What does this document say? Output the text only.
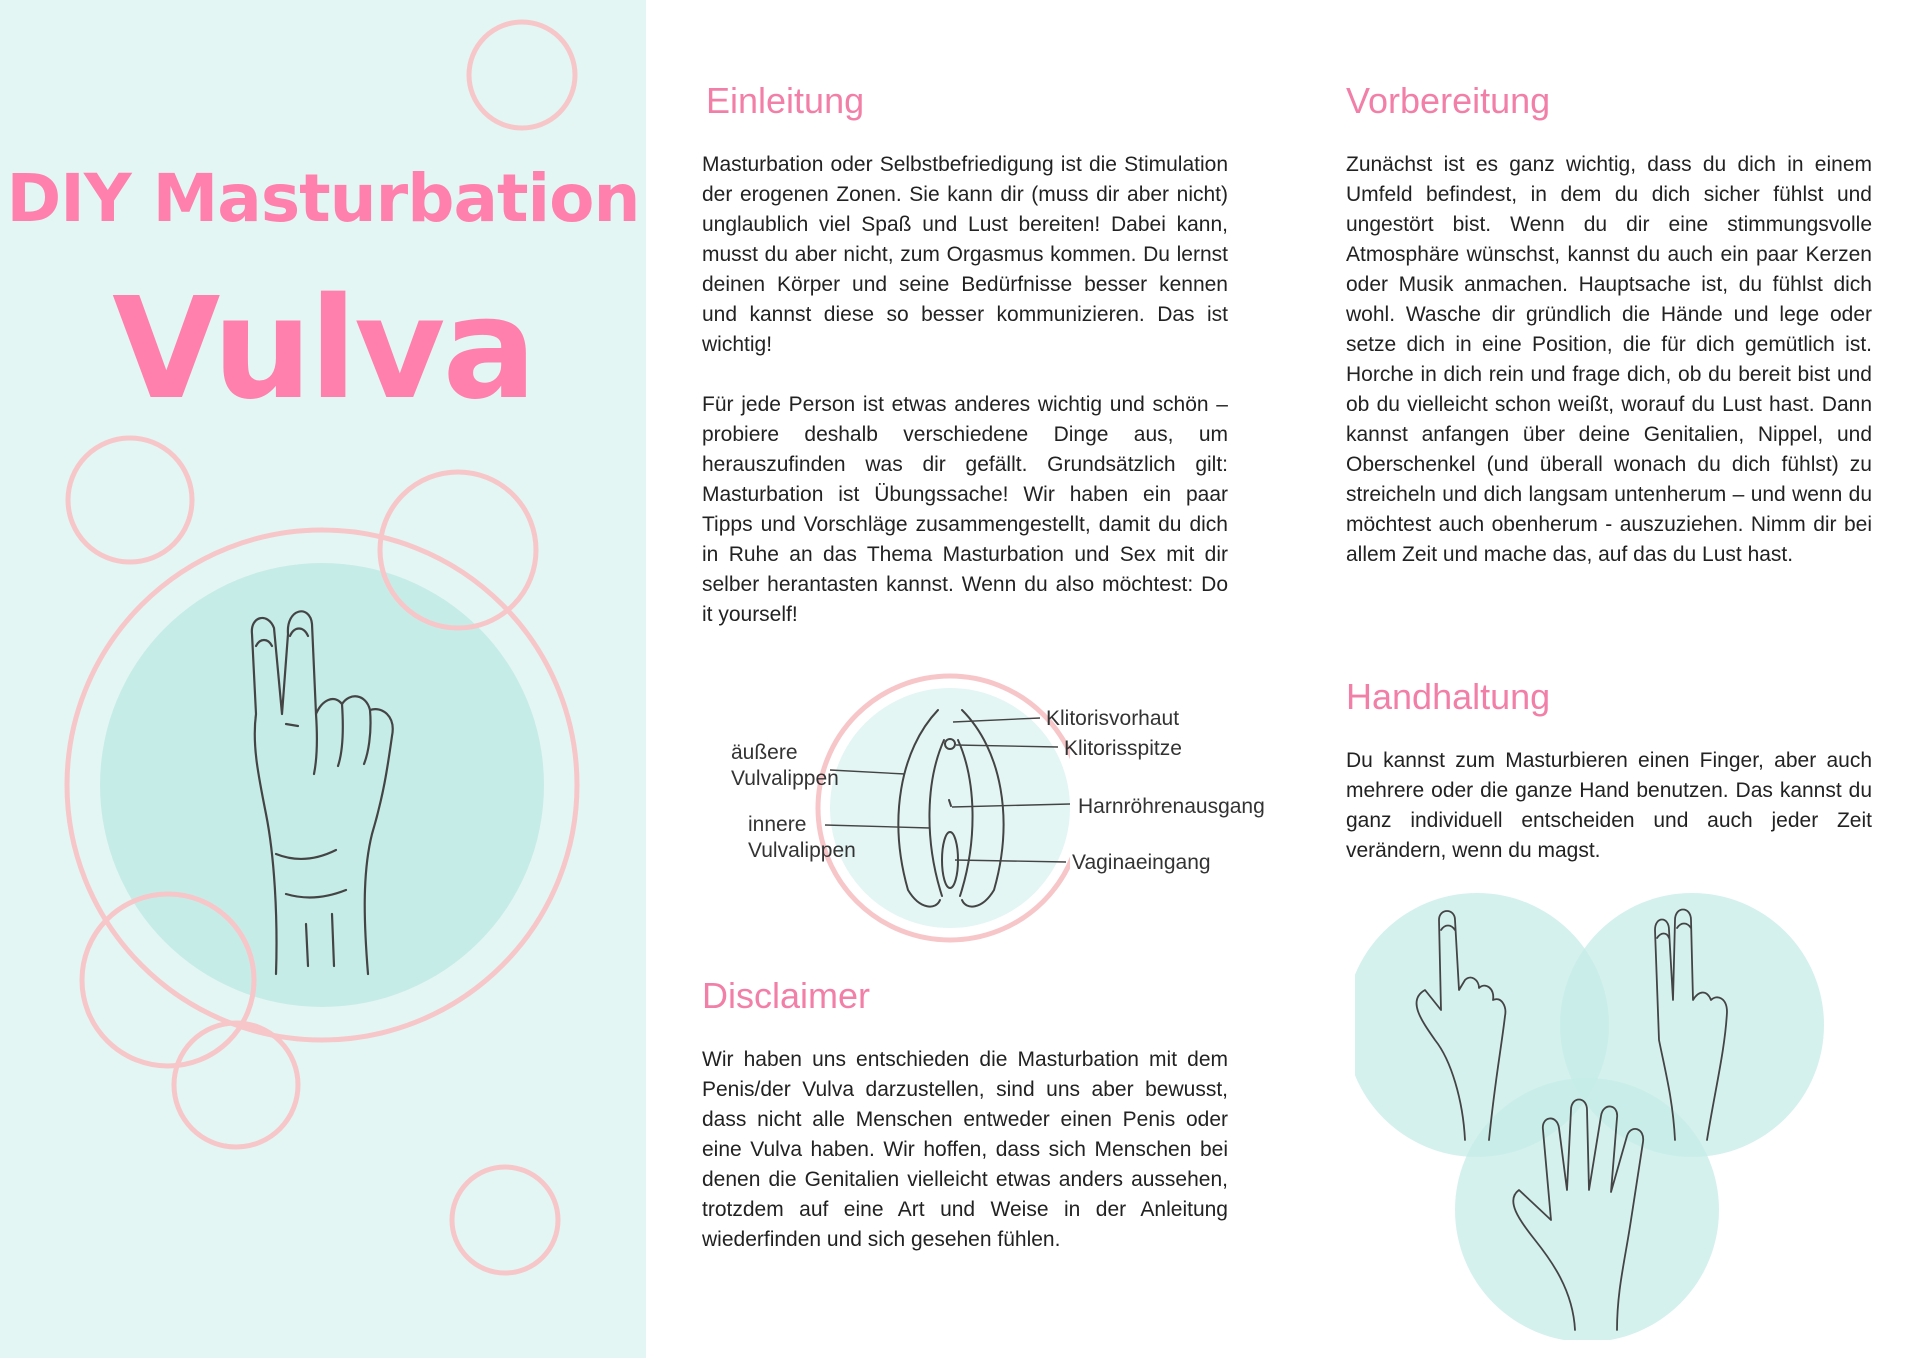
DIY Masturbation
Vulva
Einleitung

Masturbation oder Selbstbefriedigung ist die Stimulation der erogenen Zonen. Sie kann dir (muss dir aber nicht) unglaublich viel Spaß und Lust bereiten! Dabei kann, musst du aber nicht, zum Orgasmus kommen. Du lernst deinen Körper und seine Bedürfnisse besser kennen und kannst diese so besser kommunizieren. Das ist wichtig!

Für jede Person ist etwas anderes wichtig und schön – probiere deshalb verschiedene Dinge aus, um herauszufinden was dir gefällt. Grundsätzlich gilt: Masturbation ist Übungssache! Wir haben ein paar Tipps und Vorschläge zusammengestellt, damit du dich in Ruhe an das Thema Masturbation und Sex mit dir selber herantasten kannst. Wenn du also möchtest: Do it yourself!

äußere
Vulvalippen
innere
Vulvalippen
Klitorisvorhaut
Klitorisspitze
Harnröhrenausgang
Vaginaeingang
Disclaimer

Wir haben uns entschieden die Masturbation mit dem Penis/der Vulva darzustellen, sind uns aber bewusst, dass nicht alle Menschen entweder einen Penis oder eine Vulva haben. Wir hoffen, dass sich Menschen bei denen die Genitalien vielleicht etwas anders aussehen, trotzdem auf eine Art und Weise in der Anleitung wiederfinden und sich gesehen fühlen.

Vorbereitung

Zunächst ist es ganz wichtig, dass du dich in einem Umfeld befindest, in dem du dich sicher fühlst und ungestört bist. Wenn du dir eine stimmungsvolle Atmosphäre wünschst, kannst du auch ein paar Kerzen oder Musik anmachen. Hauptsache ist, du fühlst dich wohl. Wasche dir gründlich die Hände und lege oder setze dich in eine Position, die für dich gemütlich ist. Horche in dich rein und frage dich, ob du bereit bist und ob du vielleicht schon weißt, worauf du Lust hast. Dann kannst anfangen über deine Genitalien, Nippel, und Oberschenkel (und überall wonach du dich fühlst) zu streicheln und dich langsam untenherum – und wenn du möchtest auch obenherum - auszuziehen. Nimm dir bei allem Zeit und mache das, auf das du Lust hast.

Handhaltung

Du kannst zum Masturbieren einen Finger, aber auch mehrere oder die ganze Hand benutzen. Das kannst du ganz individuell entscheiden und auch jeder Zeit verändern, wenn du magst.
